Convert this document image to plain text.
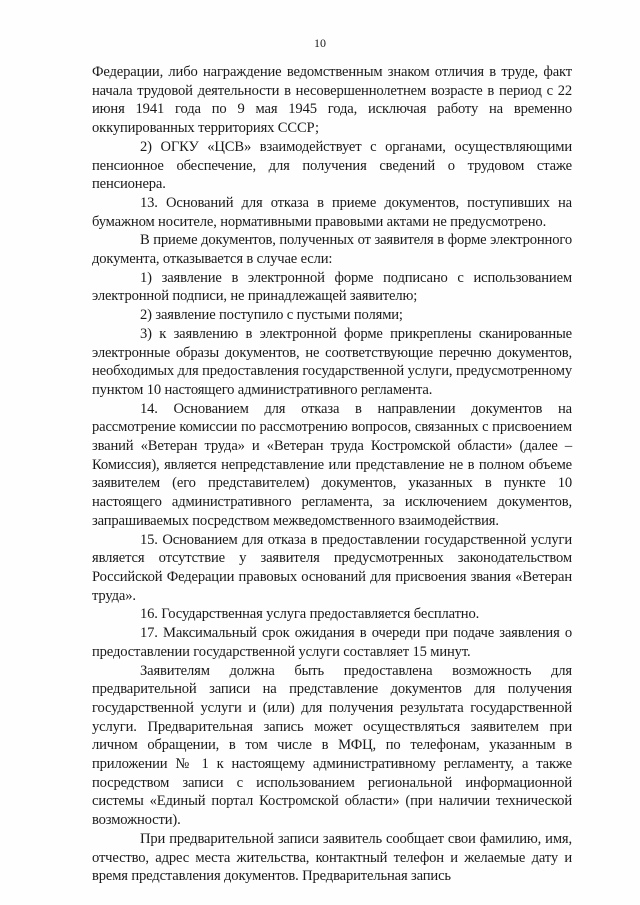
10

Федерации, либо награждение ведомственным знаком отличия в труде, факт начала трудовой деятельности в несовершеннолетнем возрасте в период с 22 июня 1941 года по 9 мая 1945 года, исключая работу на временно оккупированных территориях СССР;

2) ОГКУ «ЦСВ» взаимодействует с органами, осуществляющими пенсионное обеспечение, для получения сведений о трудовом стаже пенсионера.

13. Оснований для отказа в приеме документов, поступивших на бумажном носителе, нормативными правовыми актами не предусмотрено.

В приеме документов, полученных от заявителя в форме электронного документа, отказывается в случае если:

1) заявление в электронной форме подписано с использованием электронной подписи, не принадлежащей заявителю;

2) заявление поступило с пустыми полями;

3) к заявлению в электронной форме прикреплены сканированные электронные образы документов, не соответствующие перечню документов, необходимых для предоставления государственной услуги, предусмотренному пунктом 10 настоящего административного регламента.

14. Основанием для отказа в направлении документов на рассмотрение комиссии по рассмотрению вопросов, связанных с присвоением званий «Ветеран труда» и «Ветеран труда Костромской области» (далее – Комиссия), является непредставление или представление не в полном объеме заявителем (его представителем) документов, указанных в пункте 10 настоящего административного регламента, за исключением документов, запрашиваемых посредством межведомственного взаимодействия.

15. Основанием для отказа в предоставлении государственной услуги является отсутствие у заявителя предусмотренных законодательством Российской Федерации правовых оснований для присвоения звания «Ветеран труда».

16. Государственная услуга предоставляется бесплатно.

17. Максимальный срок ожидания в очереди при подаче заявления о предоставлении государственной услуги составляет 15 минут.

Заявителям должна быть предоставлена возможность для предварительной записи на представление документов для получения государственной услуги и (или) для получения результата государственной услуги. Предварительная запись может осуществляться заявителем при личном обращении, в том числе в МФЦ, по телефонам, указанным в приложении № 1 к настоящему административному регламенту, а также посредством записи с использованием региональной информационной системы «Единый портал Костромской области» (при наличии технической возможности).

При предварительной записи заявитель сообщает свои фамилию, имя, отчество, адрес места жительства, контактный телефон и желаемые дату и время представления документов. Предварительная запись
